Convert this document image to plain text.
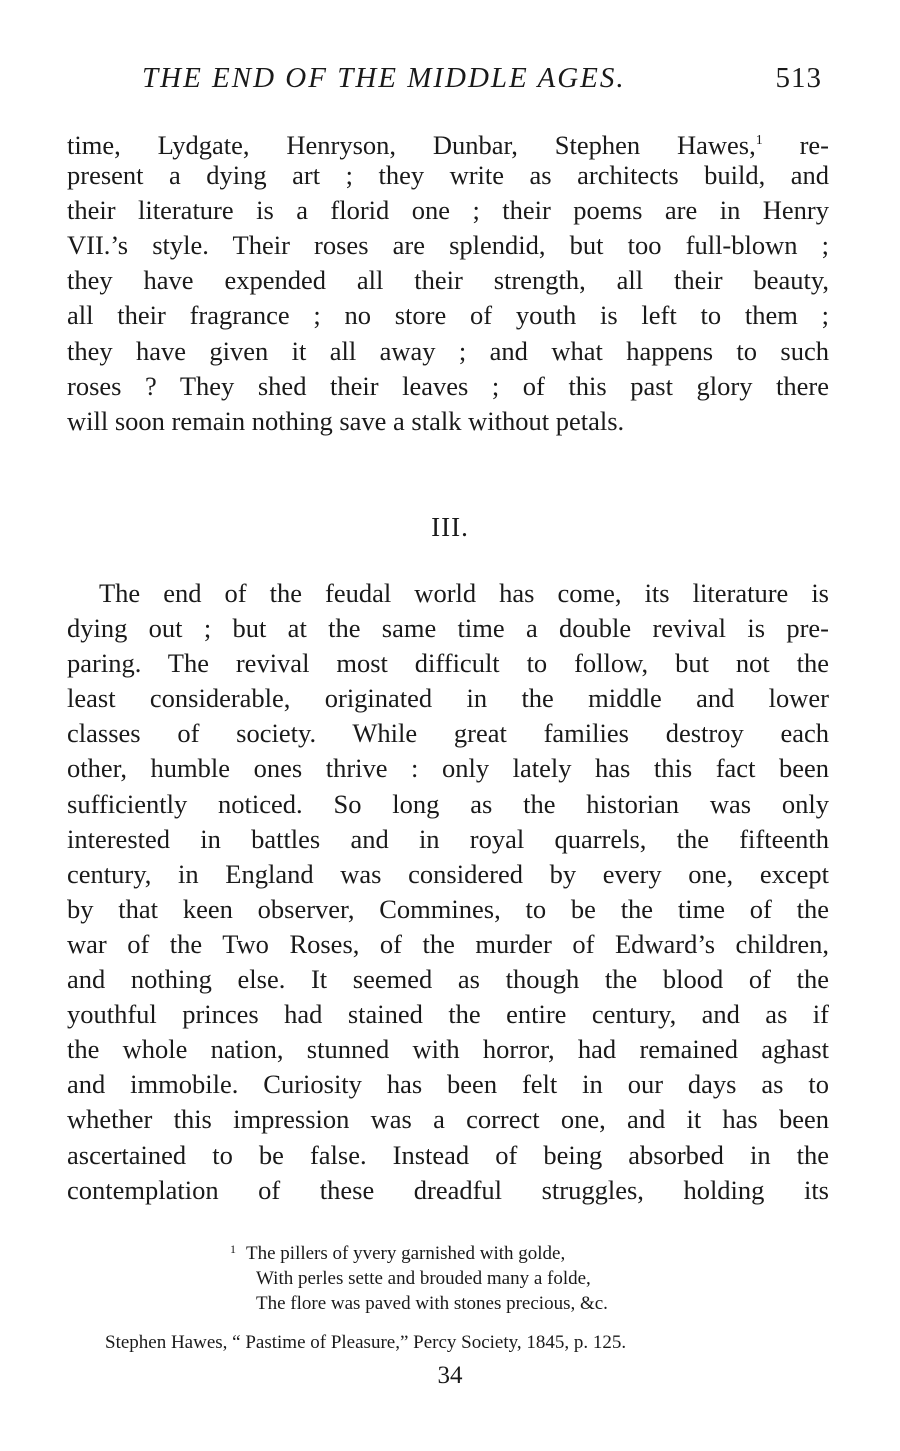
THE END OF THE MIDDLE AGES.	513
time, Lydgate, Henryson, Dunbar, Stephen Hawes,$^1$ re-
present a dying art ; they write as architects build, and
their literature is a florid one ; their poems are in Henry
VII.’s style. Their roses are splendid, but too full-blown ;
they have expended all their strength, all their beauty,
all their fragrance ; no store of youth is left to them ;
they have given it all away ; and what happens to such
roses ? They shed their leaves ; of this past glory there
will soon remain nothing save a stalk without petals.
III.
The end of the feudal world has come, its literature is
dying out ; but at the same time a double revival is pre-
paring. The revival most difficult to follow, but not the
least considerable, originated in the middle and lower
classes of society. While great families destroy each
other, humble ones thrive : only lately has this fact been
sufficiently noticed. So long as the historian was only
interested in battles and in royal quarrels, the fifteenth
century, in England was considered by every one, except
by that keen observer, Commines, to be the time of the
war of the Two Roses, of the murder of Edward’s children,
and nothing else. It seemed as though the blood of the
youthful princes had stained the entire century, and as if
the whole nation, stunned with horror, had remained aghast
and immobile. Curiosity has been felt in our days as to
whether this impression was a correct one, and it has been
ascertained to be false. Instead of being absorbed in the
contemplation of these dreadful struggles, holding its
$^1$ The pillers of yvery garnished with golde,
With perles sette and brouded many a folde,
The flore was paved with stones precious, &c.
Stephen Hawes, “ Pastime of Pleasure,” Percy Society, 1845, p. 125.
34
